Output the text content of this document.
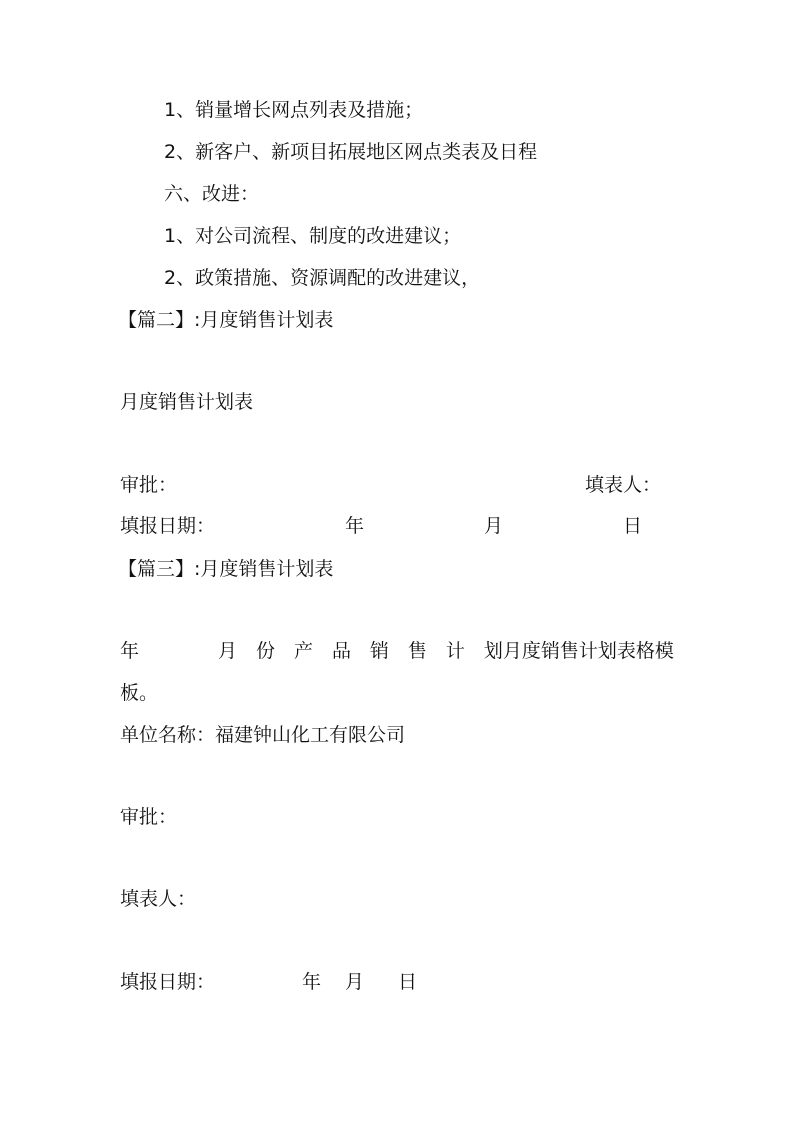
1、销量增长网点列表及措施；
2、新客户、新项目拓展地区网点类表及日程
六、改进：
1、对公司流程、制度的改进建议；
2、政策措施、资源调配的改进建议，
【篇二】:月度销售计划表
月度销售计划表
审批：	填表人：
填报日期：	年	月	日
【篇三】:月度销售计划表
年	月 份 产 品 销 售 计 划月度销售计划表格模
板。
单位名称：福建钟山化工有限公司
审批：
填表人：
填报日期：	年 月 日
